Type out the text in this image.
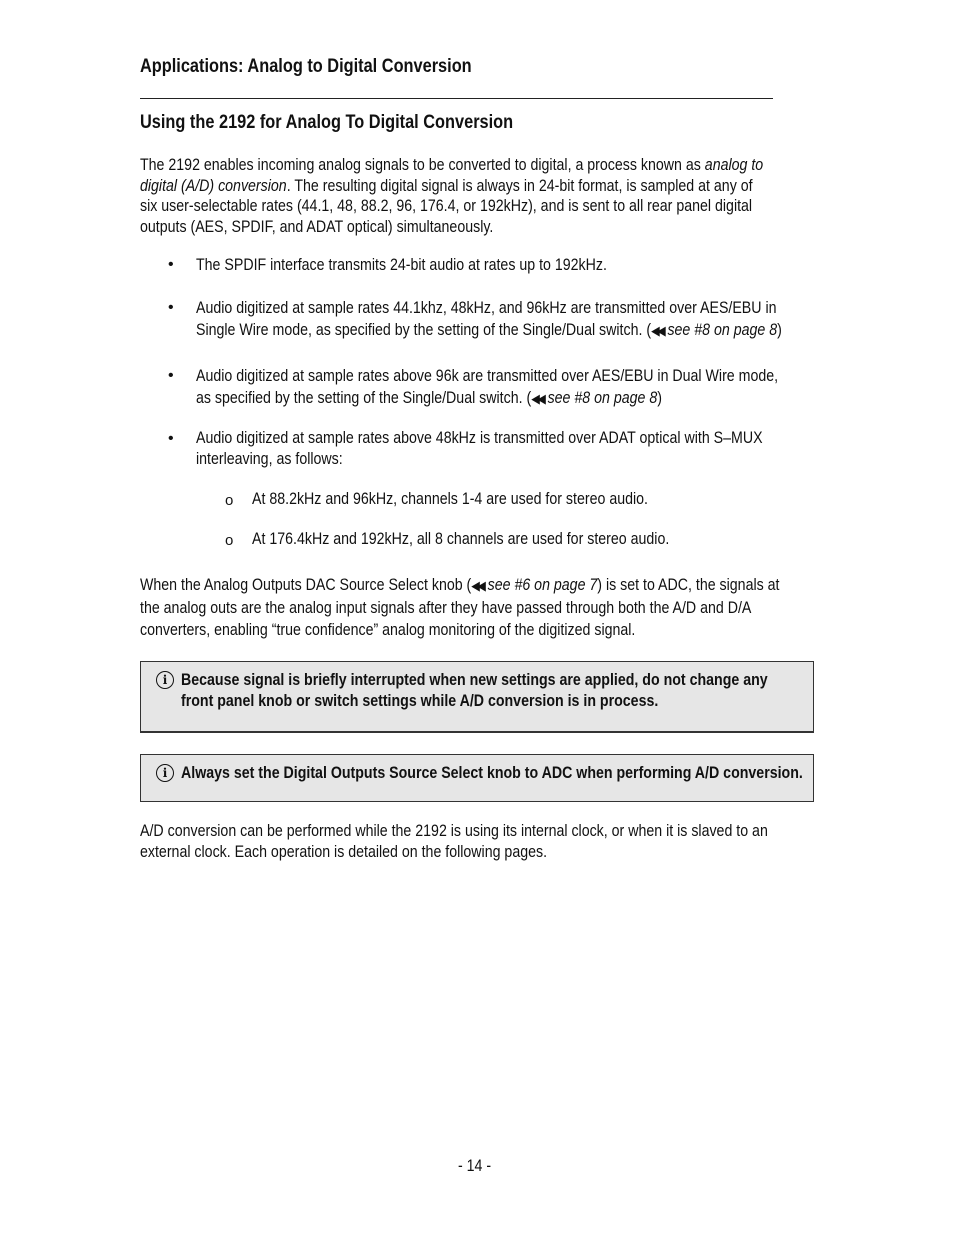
Applications: Analog to Digital Conversion
Using the 2192 for Analog To Digital Conversion
The 2192 enables incoming analog signals to be converted to digital, a process known as analog to
digital (A/D) conversion. The resulting digital signal is always in 24-bit format, is sampled at any of
six user-selectable rates (44.1, 48, 88.2, 96, 176.4, or 192kHz), and is sent to all rear panel digital
outputs (AES, SPDIF, and ADAT optical) simultaneously.
• The SPDIF interface transmits 24-bit audio at rates up to 192kHz.
• Audio digitized at sample rates 44.1khz, 48kHz, and 96kHz are transmitted over AES/EBU in
Single Wire mode, as specified by the setting of the Single/Dual switch. (◀◀ see #8 on page 8)
• Audio digitized at sample rates above 96k are transmitted over AES/EBU in Dual Wire mode,
as specified by the setting of the Single/Dual switch. (◀◀ see #8 on page 8)
• Audio digitized at sample rates above 48kHz is transmitted over ADAT optical with S–MUX
interleaving, as follows:
o At 88.2kHz and 96kHz, channels 1-4 are used for stereo audio.
o At 176.4kHz and 192kHz, all 8 channels are used for stereo audio.
When the Analog Outputs DAC Source Select knob (◀◀ see #6 on page 7) is set to ADC, the signals at
the analog outs are the analog input signals after they have passed through both the A/D and D/A
converters, enabling “true confidence” analog monitoring of the digitized signal.
i Because signal is briefly interrupted when new settings are applied, do not change any
front panel knob or switch settings while A/D conversion is in process.
i Always set the Digital Outputs Source Select knob to ADC when performing A/D conversion.
A/D conversion can be performed while the 2192 is using its internal clock, or when it is slaved to an
external clock. Each operation is detailed on the following pages.
- 14 -
